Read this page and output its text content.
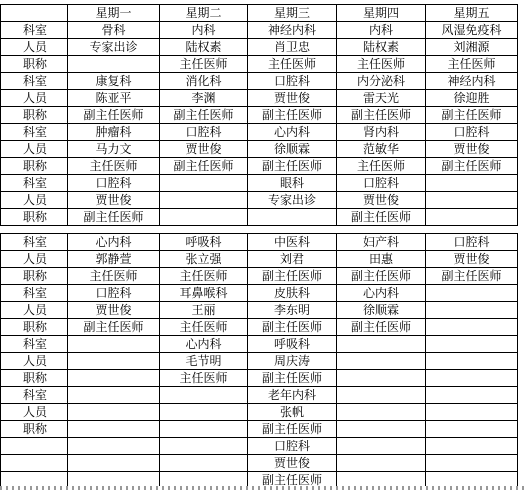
	星期一	星期二	星期三	星期四	星期五
科室	骨科	内科	神经内科	内科	风湿免疫科
人员	专家出诊	陆权素	肖卫忠	陆权素	刘湘源
职称		主任医师	主任医师	主任医师	主任医师
科室	康复科	消化科	口腔科	内分泌科	神经内科
人员	陈亚平	李渊	贾世俊	雷天光	徐迎胜
职称	副主任医师	副主任医师	副主任医师	副主任医师	副主任医师
科室	肿瘤科	口腔科	心内科	肾内科	口腔科
人员	马力文	贾世俊	徐顺霖	范敏华	贾世俊
职称	主任医师	副主任医师	副主任医师	主任医师	副主任医师
科室	口腔科		眼科	口腔科	
人员	贾世俊		专家出诊	贾世俊	
职称	副主任医师			副主任医师	
科室	心内科	呼吸科	中医科	妇产科	口腔科
人员	郭静萱	张立强	刘君	田惠	贾世俊
职称	主任医师	主任医师	副主任医师	副主任医师	副主任医师
科室	口腔科	耳鼻喉科	皮肤科	心内科	
人员	贾世俊	王丽	李东明	徐顺霖	
职称	副主任医师	主任医师	副主任医师	副主任医师	
科室		心内科	呼吸科		
人员		毛节明	周庆涛		
职称		主任医师	副主任医师		
科室			老年内科		
人员			张帆		
职称			副主任医师		
			口腔科		
			贾世俊		
			副主任医师		
